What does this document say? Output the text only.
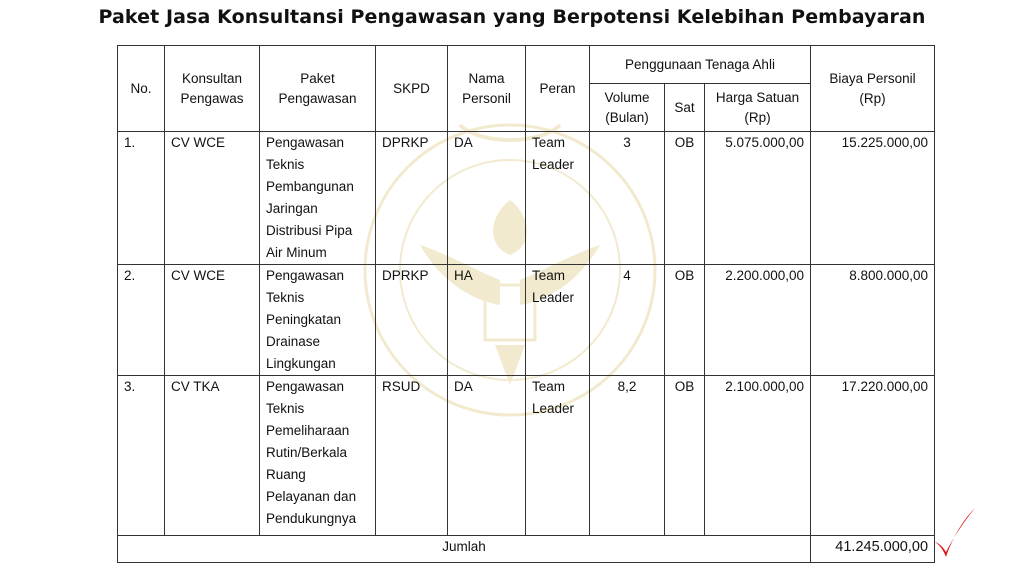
Paket Jasa Konsultansi Pengawasan yang Berpotensi Kelebihan Pembayaran
No.	Konsultan Pengawas	Paket Pengawasan	SKPD	Nama Personil	Peran	Penggunaan Tenaga Ahli			Biaya Personil (Rp)
						Volume (Bulan)	Sat	Harga Satuan (Rp)	
1.	CV WCE	Pengawasan Teknis Pembangunan Jaringan Distribusi Pipa Air Minum	DPRKP	DA	Team Leader	3	OB	5.075.000,00	15.225.000,00
2.	CV WCE	Pengawasan Teknis Peningkatan Drainase Lingkungan	DPRKP	HA	Team Leader	4	OB	2.200.000,00	8.800.000,00
3.	CV TKA	Pengawasan Teknis Pemeliharaan Rutin/Berkala Ruang Pelayanan dan Pendukungnya	RSUD	DA	Team Leader	8,2	OB	2.100.000,00	17.220.000,00
Jumlah									41.245.000,00
